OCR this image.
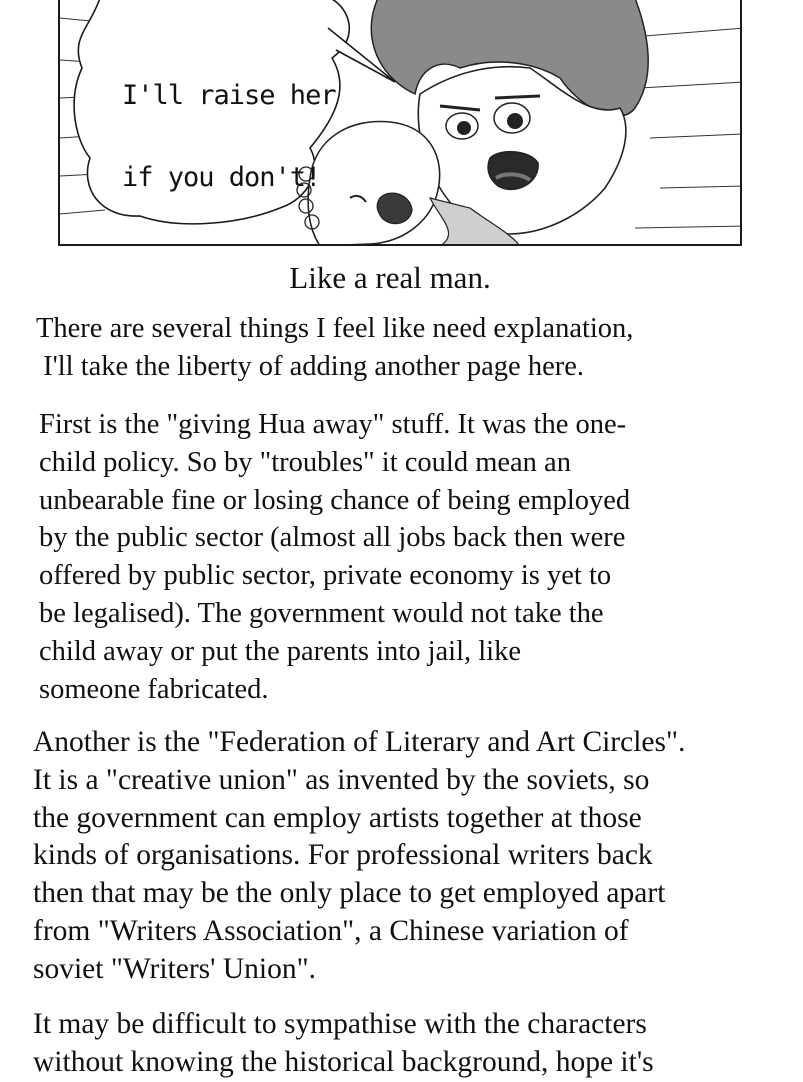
I'll raise her

if you don't!

Like a real man.

There are several things I feel like need explanation,
I'll take the liberty of adding another page here.

First is the "giving Hua away" stuff. It was the one-
child policy. So by "troubles" it could mean an
unbearable fine or losing chance of being employed
by the public sector (almost all jobs back then were
offered by public sector, private economy is yet to
be legalised). The government would not take the
child away or put the parents into jail, like
someone fabricated.

Another is the "Federation of Literary and Art Circles".
It is a "creative union" as invented by the soviets, so
the government can employ artists together at those
kinds of organisations. For professional writers back
then that may be the only place to get employed apart
from "Writers Association", a Chinese variation of
soviet "Writers' Union".

It may be difficult to sympathise with the characters
without knowing the historical background, hope it's
